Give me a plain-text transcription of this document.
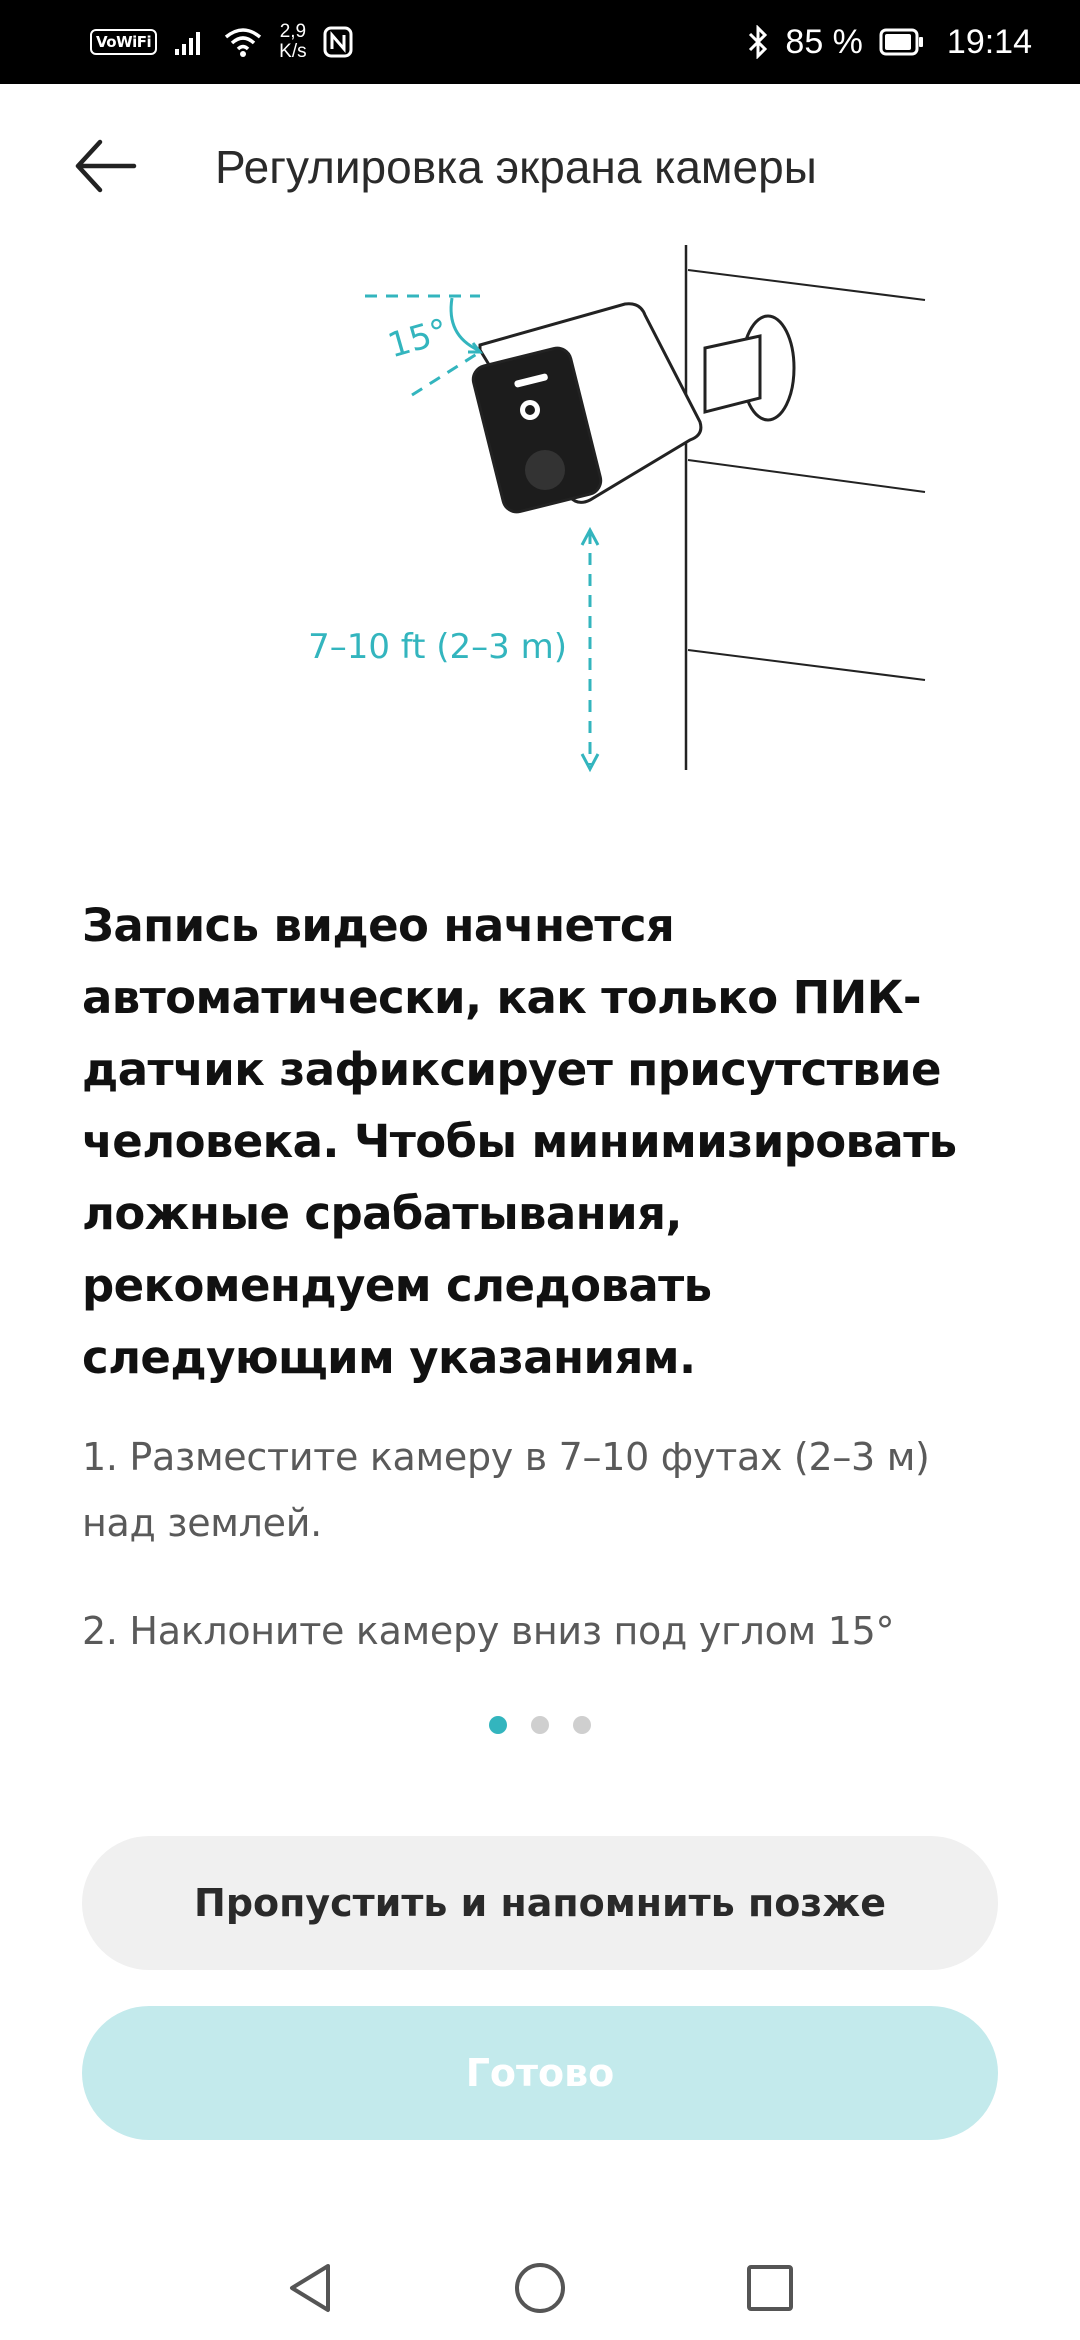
VoWiFi	2,9
K/s	85 % 19:14
Регулировка экрана камеры
15°
7–10 ft (2–3 m)

Запись видео начнется автоматически, как только ПИК-датчик зафиксирует присутствие человека. Чтобы минимизировать ложные срабатывания, рекомендуем следовать следующим указаниям.

1. Разместите камеру в 7–10 футах (2–3 м) над землей.

2. Наклоните камеру вниз под углом 15°

Пропустить и напомнить позже
Готово
